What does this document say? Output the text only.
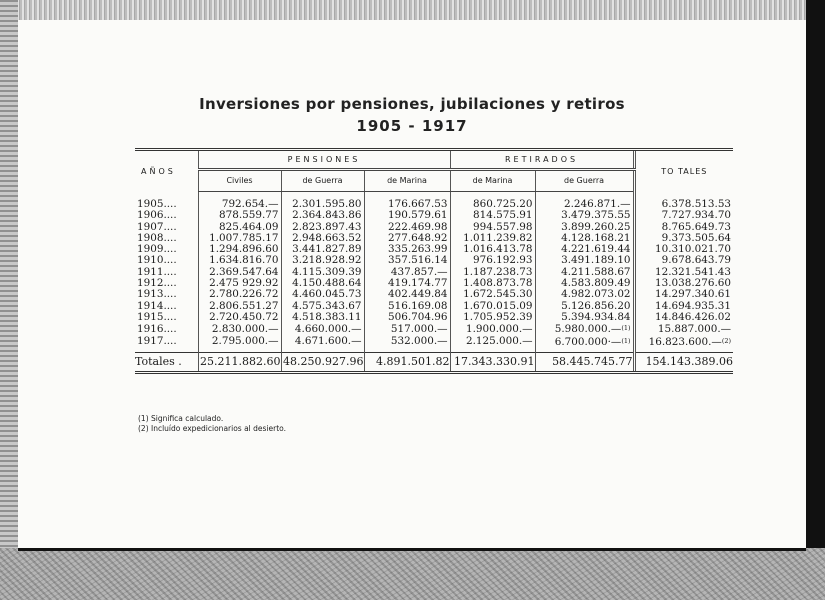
Inversiones por pensiones, jubilaciones y retiros
1905 - 1917
AÑOS	PENSIONES			RETIRADOS		TO TALES
	Civiles	de Guerra	de Marina	de Marina	de Guerra	
1905....	792.654.—	2.301.595.80	176.667.53	860.725.20	2.246.871.—	6.378.513.53
1906....	878.559.77	2.364.843.86	190.579.61	814.575.91	3.479.375.55	7.727.934.70
1907....	825.464.09	2.823.897.43	222.469.98	994.557.98	3.899.260.25	8.765.649.73
1908....	1.007.785.17	2.948.663.52	277.648.92	1.011.239.82	4.128.168.21	9.373.505.64
1909....	1.294.896.60	3.441.827.89	335.263.99	1.016.413.78	4.221.619.44	10.310.021.70
1910....	1.634.816.70	3.218.928.92	357.516.14	976.192.93	3.491.189.10	9.678.643.79
1911....	2.369.547.64	4.115.309.39	437.857.—	1.187.238.73	4.211.588.67	12.321.541.43
1912....	2.475 929.92	4.150.488.64	419.174.77	1.408.873.78	4.583.809.49	13.038.276.60
1913....	2.780.226.72	4.460.045.73	402.449.84	1.672.545.30	4.982.073.02	14.297.340.61
1914....	2.806.551.27	4.575.343.67	516.169.08	1.670.015.09	5.126.856.20	14.694.935.31
1915....	2.720.450.72	4.518.383.11	506.704.96	1.705.952.39	5.394.934.84	14.846.426.02
1916....	2.830.000.—	4.660.000.—	517.000.—	1.900.000.—	5.980.000.—$^{(1)}$	15.887.000.—
1917....	2.795.000.—	4.671.600.—	532.000.—	2.125.000.—	6.700.000·—$^{(1)}$	16.823.600.—$^{(2)}$
Totales .	25.211.882.60	48.250.927.96	4.891.501.82	17.343.330.91	58.445.745.77	154.143.389.06
(1) Significa calculado.
(2) Incluído expedicionarios al desierto.
